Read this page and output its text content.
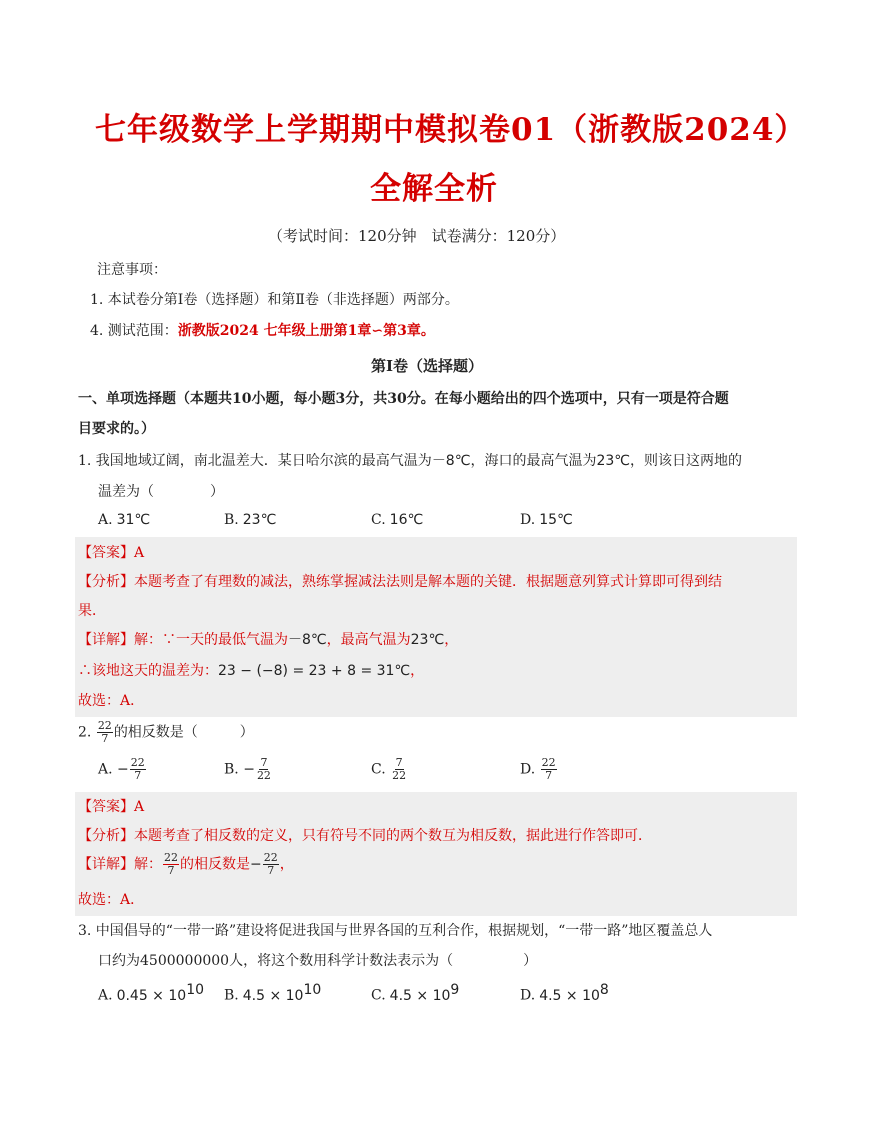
七年级数学上学期期中模拟卷01（浙教版2024）
全解全析
（考试时间：120分钟　试卷满分：120分）
注意事项：
1. 本试卷分第Ⅰ卷（选择题）和第Ⅱ卷（非选择题）两部分。
4. 测试范围：浙教版2024 七年级上册第1章∽第3章。
第Ⅰ卷（选择题）
一、单项选择题（本题共10小题，每小题3分，共30分。在每小题给出的四个选项中，只有一项是符合题
目要求的。）
1. 我国地域辽阔，南北温差大．某日哈尔滨的最高气温为－8℃，海口的最高气温为23℃，则该日这两地的
温差为（　　　　）
A. 31℃	B. 23℃	C. 16℃	D. 15℃
【答案】A
【分析】本题考查了有理数的减法，熟练掌握减法法则是解本题的关键．根据题意列算式计算即可得到结
果．
【详解】解：∵一天的最低气温为－8℃，最高气温为23℃，
∴该地这天的温差为：23 − (−8) = 23 + 8 = 31℃，
故选：A．
2. $\frac{22}{7}$ 的相反数是（　　　）
A. − $\frac{22}{7}$	B. − $\frac{7}{22}$	C. $\frac{7}{22}$	D. $\frac{22}{7}$
【答案】A
【分析】本题考查了相反数的定义，只有符号不同的两个数互为相反数，据此进行作答即可．
【详解】解： $\frac{22}{7}$ 的相反数是− $\frac{22}{7}$ ，
故选：A．
3. 中国倡导的“一带一路”建设将促进我国与世界各国的互利合作，根据规划，“一带一路”地区覆盖总人
口约为4500000000人，将这个数用科学计数法表示为（　　　　　）
A. $0.45 \times 10^{10}$ B. $4.5 \times 10^{10}$	C. $4.5 \times 10^9$	D. $4.5 \times 10^8$
